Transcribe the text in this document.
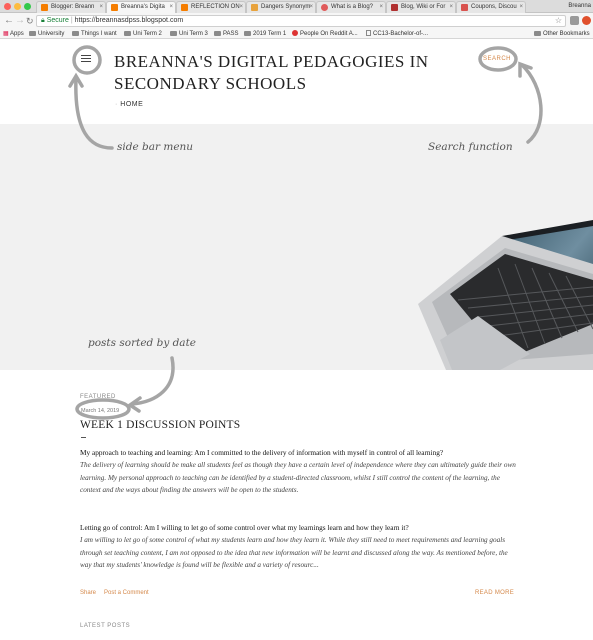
Blogger: Breann ×	Breanna's Digita ×	REFLECTION ON ×	Dangers Synonym ×	What is a Blog? ×	Blog, Wiki or For ×	Coupons, Discou ×	Breanna
← → ↻	🔒︎ Secure | https://breannasdpss.blogspot.com	☆
▦ Apps	University	Things I want	Uni Term 2	Uni Term 3	PASS	2019 Term 1	People On Reddit A...	CC13-Bachelor-of-...	Other Bookmarks
BREANNA'S DIGITAL PEDAGOGIES IN SECONDARY SCHOOLS
· HOME
SEARCH
FEATURED
March 14, 2019
WEEK 1 DISCUSSION POINTS
My approach to teaching and learning: Am I committed to the delivery of information with myself in control of all learning?
The delivery of learning should be make all students feel as though they have a certain level of independence where they can ultimately guide their own learning. My personal approach to teaching can be identified by a student-directed classroom, whilst I still control the content of the learning, the context and the ways about finding the answers will be open to the students.
Letting go of control: Am I willing to let go of some control over what my learnings learn and how they learn it?
I am willing to let go of some control of what my students learn and how they learn it. While they still need to meet requirements and learning goals through set teaching content, I am not opposed to the idea that new information will be learnt and discussed along the way. As mentioned before, the way that my students' knowledge is found will be flexible and a variety of resourc...
Share Post a Comment	READ MORE
LATEST POSTS
side bar menu	Search function
posts sorted by date
